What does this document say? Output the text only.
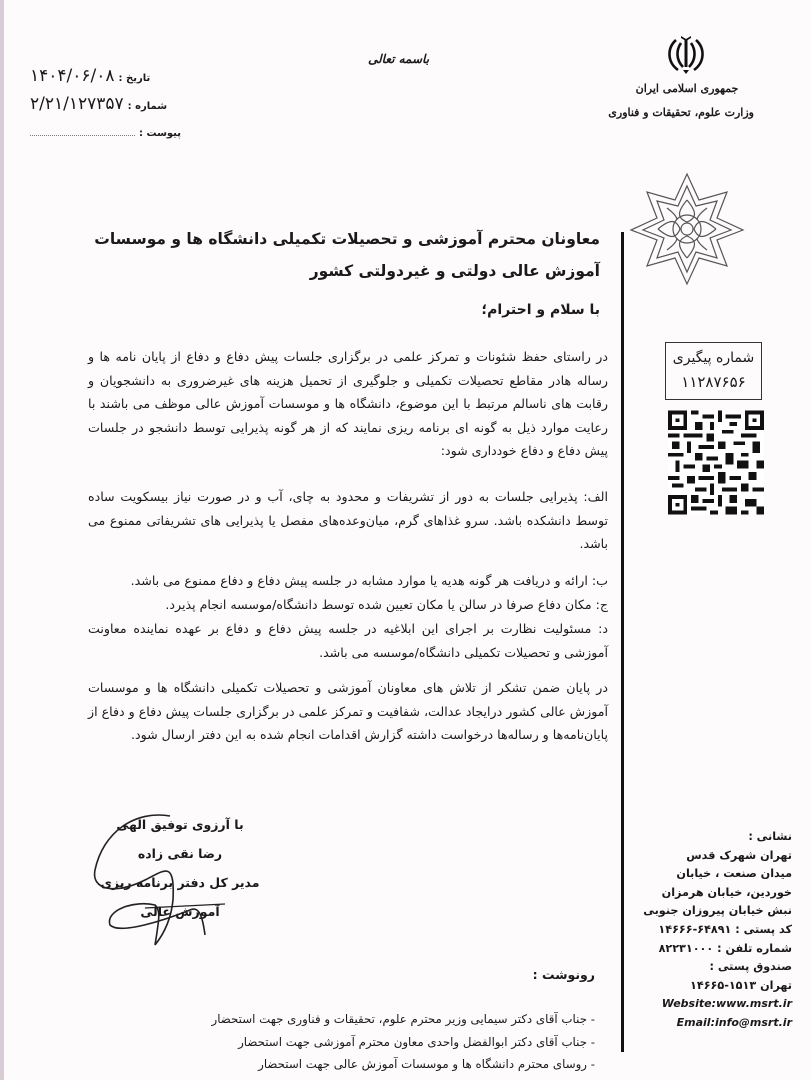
تاریخ :
۱۴۰۴/۰۶/۰۸
شماره :
۲/۲۱/۱۲۷۳۵۷
پیوست :
باسمه تعالی
جمهوری اسلامی ایران
وزارت علوم، تحقیقات و فناوری
معاونان محترم آموزشی و تحصیلات تکمیلی دانشگاه ها و موسسات آموزش عالی دولتی و غیردولتی کشور
با سلام و احترام؛
در راستای حفظ شئونات و تمرکز علمی در برگزاری جلسات پیش دفاع و دفاع از پایان نامه ها و رساله هادر مقاطع تحصیلات تکمیلی و جلوگیری از تحمیل هزینه های غیرضروری به دانشجویان و رقابت های ناسالم مرتبط با این موضوع، دانشگاه ها و موسسات آموزش عالی موظف می باشند با رعایت موارد ذیل به گونه ای برنامه ریزی نمایند که از هر گونه پذیرایی توسط دانشجو در جلسات پیش دفاع و دفاع خودداری شود:
الف: پذیرایی جلسات به دور از تشریفات و محدود به چای، آب و در صورت نیاز بیسکویت ساده توسط دانشکده باشد. سرو غذاهای گرم، میان‌وعده‌های مفصل یا پذیرایی های تشریفاتی ممنوع می باشد.
ب: ارائه و دریافت هر گونه هدیه یا موارد مشابه در جلسه پیش دفاع و دفاع ممنوع می باشد.
ج: مکان دفاع صرفا در سالن یا مکان تعیین شده توسط دانشگاه/موسسه انجام پذیرد.
د: مسئولیت نظارت بر اجرای این ابلاغیه در جلسه پیش دفاع و دفاع بر عهده نماینده معاونت آموزشی و تحصیلات تکمیلی دانشگاه/موسسه می باشد.
در پایان ضمن تشکر از تلاش های معاونان آموزشی و تحصیلات تکمیلی دانشگاه ها و موسسات آموزش عالی کشور درایجاد عدالت، شفافیت و تمرکز علمی در برگزاری جلسات پیش دفاع و دفاع از پایان‌نامه‌ها و رساله‌ها درخواست داشته گزارش اقدامات انجام شده به این دفتر ارسال شود.
شماره پیگیری
۱۱۲۸۷۶۵۶
با آرزوی توفیق الهی
رضا نقی زاده
مدیر کل دفتر برنامه ریزی آموزش عالی
نشانی :
تهران شهرک قدس
میدان صنعت ، خیابان
خوردین، خیابان هرمزان
نبش خیابان پیروزان جنوبی
کد پستی : ۶۴۸۹۱-۱۴۶۶۶
شماره تلفن : ۸۲۲۳۱۰۰۰
صندوق پستی :
تهران ۱۵۱۳-۱۴۶۶۵
Website:www.msrt.ir
Email:info@msrt.ir
رونوشت :
- جناب آقای دکتر سیمایی وزیر محترم علوم، تحقیقات و فناوری جهت استحضار
- جناب آقای دکتر ابوالفضل واحدی معاون محترم آموزشی جهت استحضار
- روسای محترم دانشگاه ها و موسسات آموزش عالی جهت استحضار
